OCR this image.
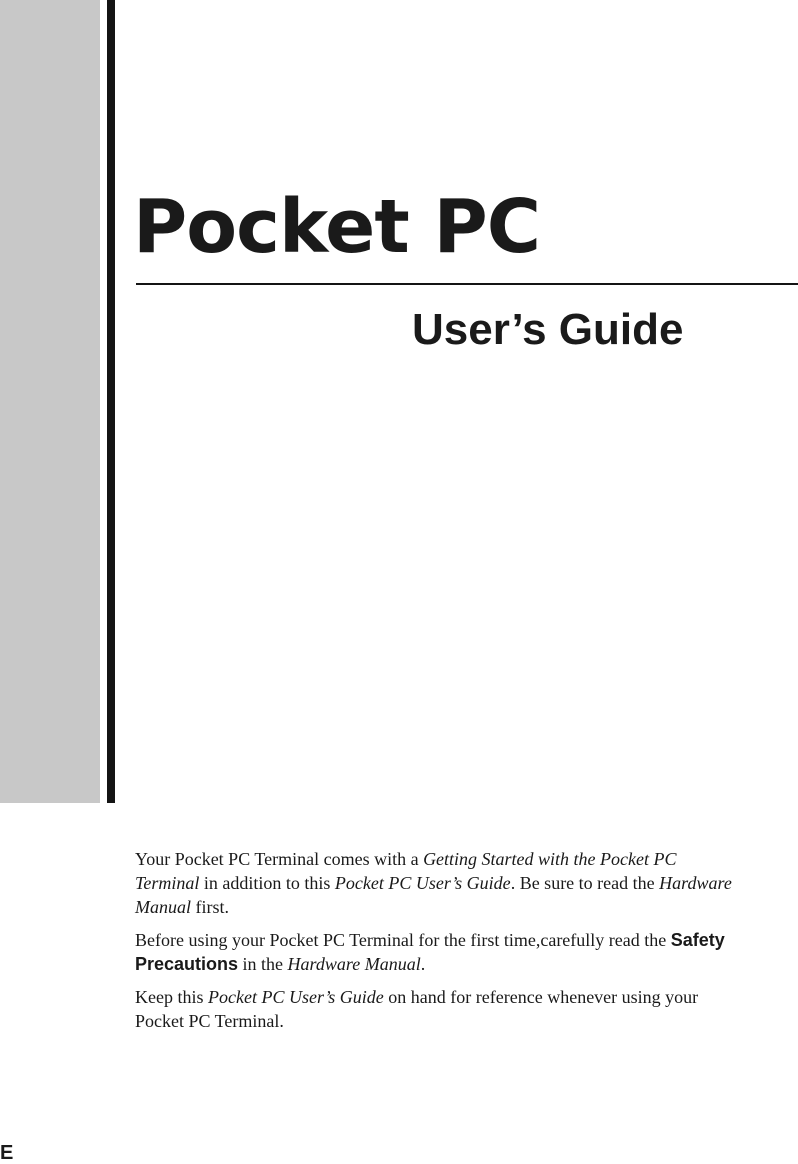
Pocket PC
User’s Guide

Your Pocket PC Terminal comes with a Getting Started with the Pocket PC Terminal in addition to this Pocket PC User’s Guide. Be sure to read the Hardware Manual first.

Before using your Pocket PC Terminal for the first time,carefully read the Safety Precautions in the Hardware Manual.

Keep this Pocket PC User’s Guide on hand for reference whenever using your Pocket PC Terminal.

E
